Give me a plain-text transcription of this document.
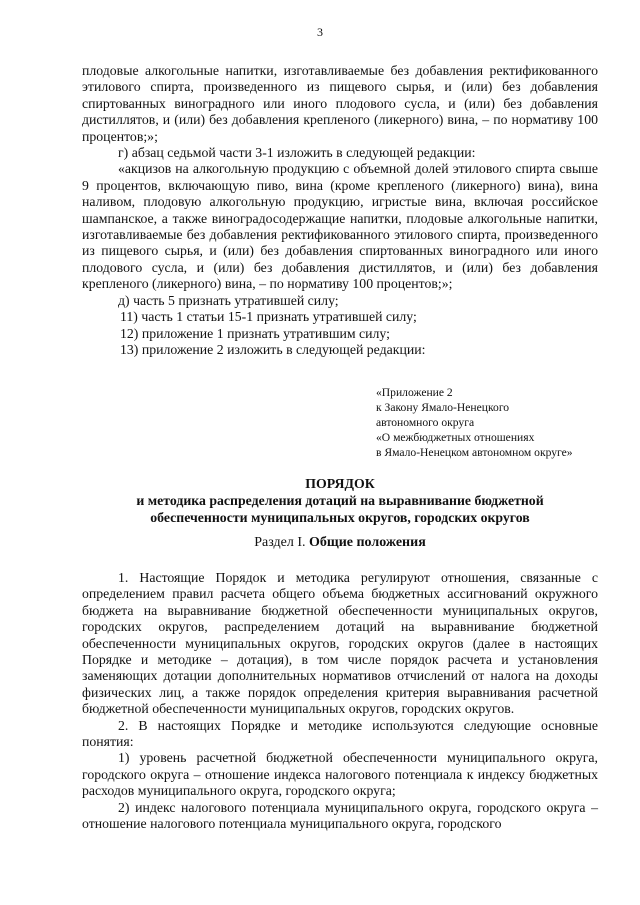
3

плодовые алкогольные напитки, изготавливаемые без добавления ректификованного этилового спирта, произведенного из пищевого сырья, и (или) без добавления спиртованных виноградного или иного плодового сусла, и (или) без добавления дистиллятов, и (или) без добавления крепленого (ликерного) вина, – по нормативу 100 процентов;»;

г) абзац седьмой части 3-1 изложить в следующей редакции:

«акцизов на алкогольную продукцию с объемной долей этилового спирта свыше 9 процентов, включающую пиво, вина (кроме крепленого (ликерного) вина), вина наливом, плодовую алкогольную продукцию, игристые вина, включая российское шампанское, а также виноградосодержащие напитки, плодовые алкогольные напитки, изготавливаемые без добавления ректификованного этилового спирта, произведенного из пищевого сырья, и (или) без добавления спиртованных виноградного или иного плодового сусла, и (или) без добавления дистиллятов, и (или) без добавления крепленого (ликерного) вина, – по нормативу 100 процентов;»;

д) часть 5 признать утратившей силу;

11) часть 1 статьи 15-1 признать утратившей силу;

12) приложение 1 признать утратившим силу;

13) приложение 2 изложить в следующей редакции:

«Приложение 2
к Закону Ямало-Ненецкого
автономного округа
«О межбюджетных отношениях
в Ямало-Ненецком автономном округе»
ПОРЯДОК
и методика распределения дотаций на выравнивание бюджетной
обеспеченности муниципальных округов, городских округов
Раздел I. Общие положения

1. Настоящие Порядок и методика регулируют отношения, связанные с определением правил расчета общего объема бюджетных ассигнований окружного бюджета на выравнивание бюджетной обеспеченности муниципальных округов, городских округов, распределением дотаций на выравнивание бюджетной обеспеченности муниципальных округов, городских округов (далее в настоящих Порядке и методике – дотация), в том числе порядок расчета и установления заменяющих дотации дополнительных нормативов отчислений от налога на доходы физических лиц, а также порядок определения критерия выравнивания расчетной бюджетной обеспеченности муниципальных округов, городских округов.

2. В настоящих Порядке и методике используются следующие основные понятия:

1) уровень расчетной бюджетной обеспеченности муниципального округа, городского округа – отношение индекса налогового потенциала к индексу бюджетных расходов муниципального округа, городского округа;

2) индекс налогового потенциала муниципального округа, городского округа – отношение налогового потенциала муниципального округа, городского
